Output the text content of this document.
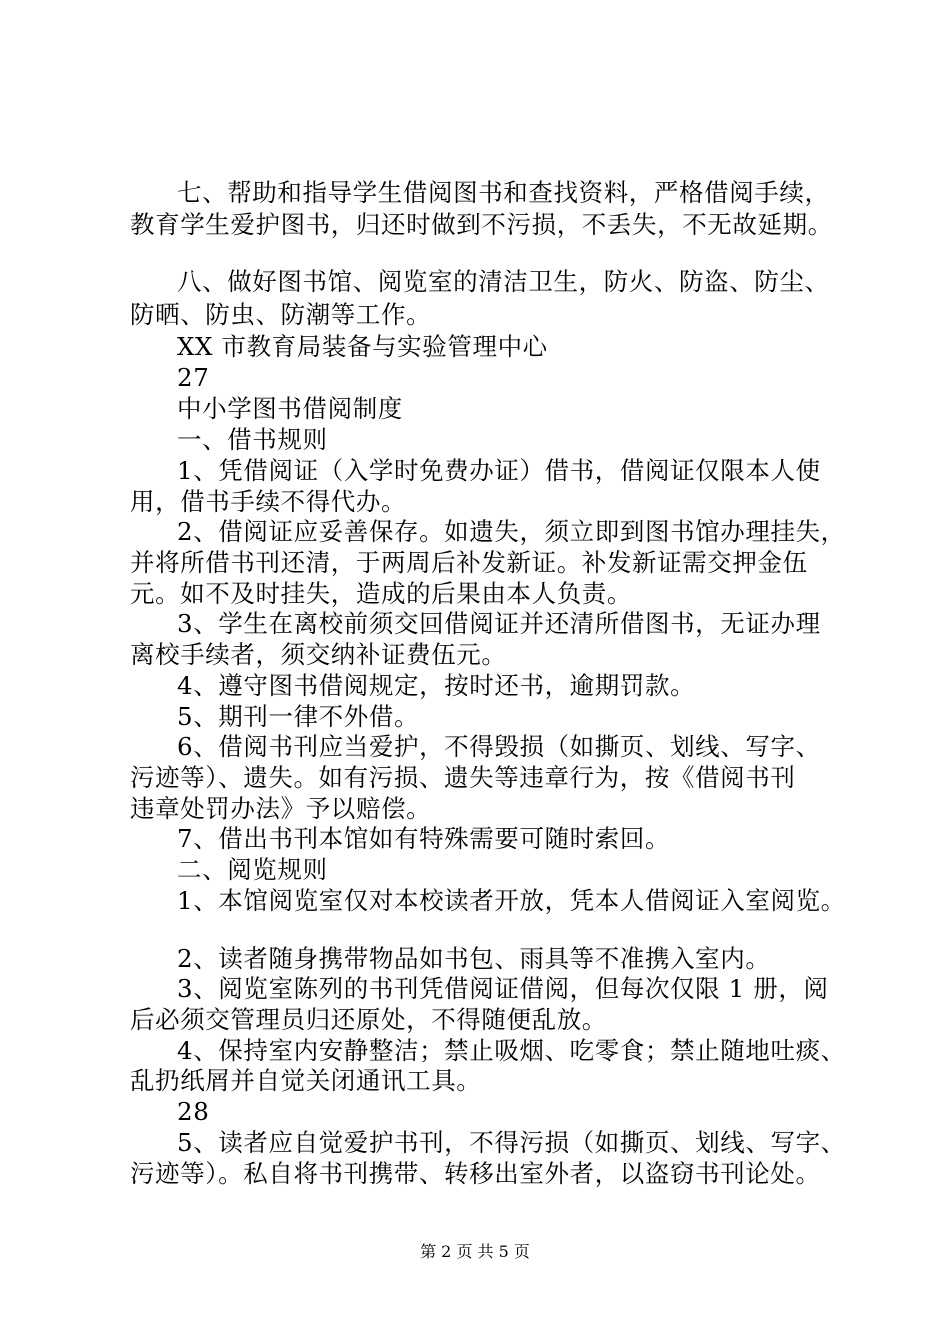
七、帮助和指导学生借阅图书和查找资料，严格借阅手续，
教育学生爱护图书，归还时做到不污损，不丢失，不无故延期。
八、做好图书馆、阅览室的清洁卫生，防火、防盗、防尘、
防晒、防虫、防潮等工作。
XX 市教育局装备与实验管理中心
27
中小学图书借阅制度
一、借书规则
1、凭借阅证（入学时免费办证）借书，借阅证仅限本人使
用，借书手续不得代办。
2、借阅证应妥善保存。如遗失，须立即到图书馆办理挂失，
并将所借书刊还清，于两周后补发新证。补发新证需交押金伍
元。如不及时挂失，造成的后果由本人负责。
3、学生在离校前须交回借阅证并还清所借图书，无证办理
离校手续者，须交纳补证费伍元。
4、遵守图书借阅规定，按时还书，逾期罚款。
5、期刊一律不外借。
6、借阅书刊应当爱护，不得毁损（如撕页、划线、写字、
污迹等）、遗失。如有污损、遗失等违章行为，按《借阅书刊
违章处罚办法》予以赔偿。
7、借出书刊本馆如有特殊需要可随时索回。
二、阅览规则
1、本馆阅览室仅对本校读者开放，凭本人借阅证入室阅览。
2、读者随身携带物品如书包、雨具等不准携入室内。
3、阅览室陈列的书刊凭借阅证借阅，但每次仅限 1 册，阅
后必须交管理员归还原处，不得随便乱放。
4、保持室内安静整洁；禁止吸烟、吃零食；禁止随地吐痰、
乱扔纸屑并自觉关闭通讯工具。
28
5、读者应自觉爱护书刊，不得污损（如撕页、划线、写字、
污迹等）。私自将书刊携带、转移出室外者，以盗窃书刊论处。
第 2 页 共 5 页
